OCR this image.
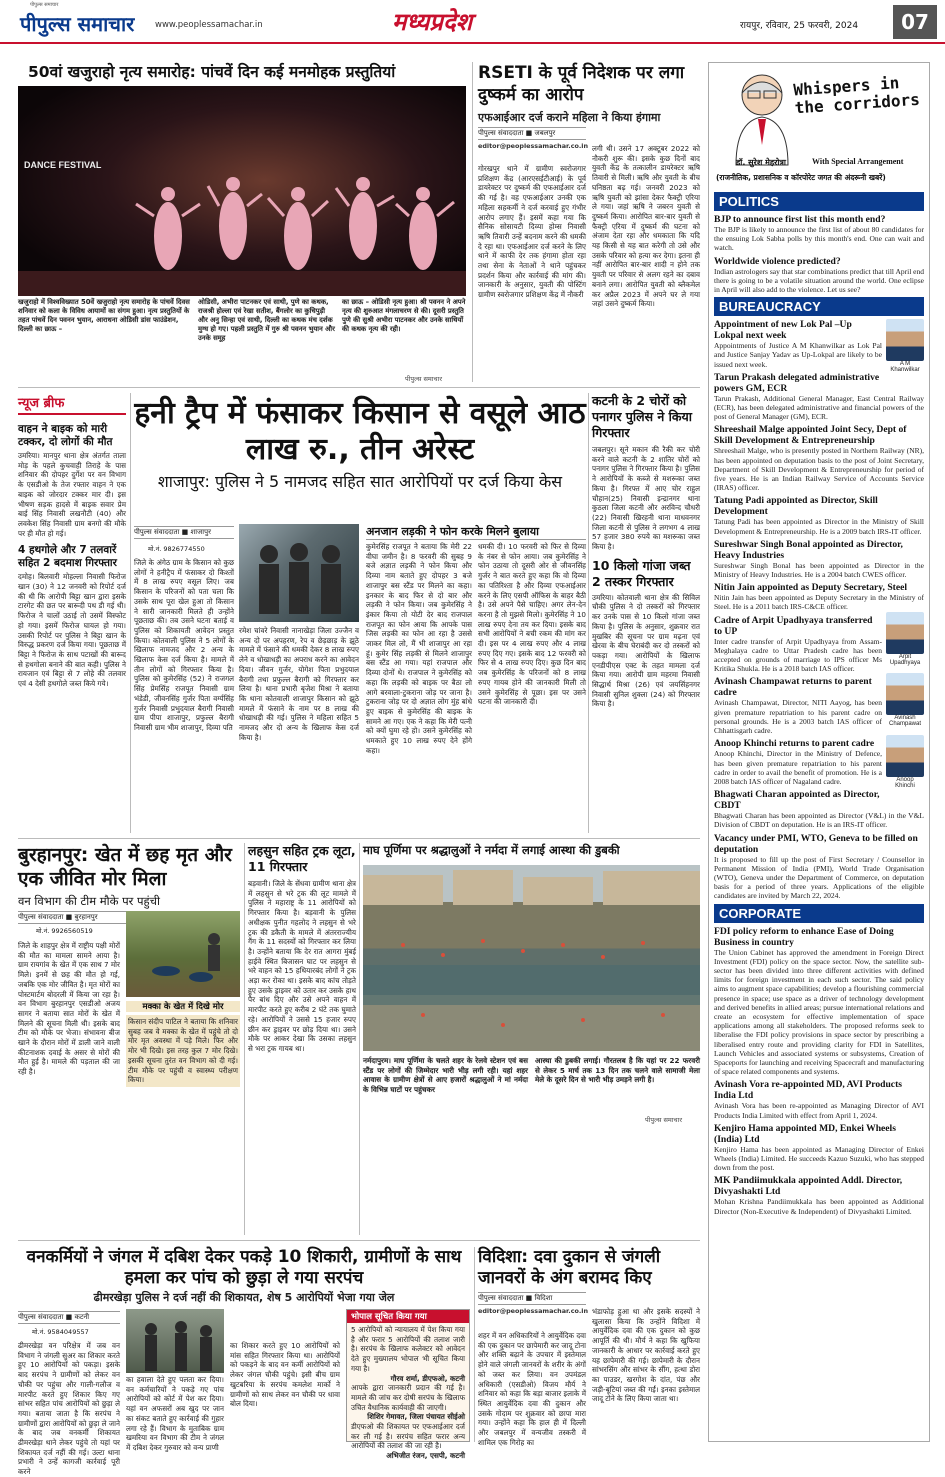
पीपुल्स समाचार
पीपुल्स समाचार www.peoplessamachar.in	मध्यप्रदेश	रायपुर, रविवार, 25 फरवरी, 2024	07
50वां खजुराहो नृत्य समारोह: पांचवें दिन कई मनमोहक प्रस्तुतियां
DANCE FESTIVAL
खजुराहो में विश्वविख्यात 50वें खजुराहो नृत्य समारोह के पांचवें दिवस शनिवार को कला के विविध आयामों का संगम हुआ। नृत्य प्रस्तुतियों के तहत पांचवें दिन पवनन भुयान, आराधना ओडिसी डांस फाउंडेशन, दिल्ली का छाऊ –
ओडिसी, अभीरा पाटनकर एवं साथी, पुणे का कथक, राजश्री होल्ला एवं रेखा सतीश, बैंगलोर का कुचिपुड़ी और अनु सिन्हा एवं साथी, दिल्ली का कथक मंच दर्शक मुग्ध हो गए। पहली प्रस्तुति में गुरु श्री पवनन भुयान और उनके समूह
का छाऊ – ओडिसी नृत्य हुआ। श्री पवनन ने अपने नृत्य की शुरुआत मंगलाचरण से की। दूसरी प्रस्तुति पुणे की सुश्री अभीरा पाटनकर और उनके साथियों की कथक नृत्य की रही।
पीपुल्स समाचार
RSETI के पूर्व निदेशक पर लगा दुष्कर्म का आरोप
एफआईआर दर्ज कराने महिला ने किया हंगामा
पीपुल्स संवाददाता ■ जबलपुर
editor@peoplessamachar.co.in
गोरखपुर थाने में ग्रामीण स्वरोजगार प्रशिक्षण केंद्र (आरएसईटीआई) के पूर्व डायरेक्टर पर दुष्कर्म की एफआईआर दर्ज की गई है। वह एफआईआर उनकी एक महिला सहकर्मी ने दर्ज करवाई हुए गंभीर आरोप लगाए हैं। इसमें कहा गया कि सैनिक सोसायटी दिव्या होम्स निवासी ऋषि तिवारी उन्हें बदनाम करने की धमकी दे रहा था। एफआईआर दर्ज करने के लिए थाने में काफी देर तक हंगामा होता रहा तथा सेना के नेताओं ने थाने पहुंचकर प्रदर्शन किया और कार्रवाई की मांग की। जानकारी के अनुसार, युवती की पोस्टिंग ग्रामीण स्वरोजगार प्रशिक्षण केंद्र में नौकरी
लगी थी। उसने 17 अक्टूबर 2022 को नौकरी शुरू की। इसके कुछ दिनों बाद युवती केंद्र के तत्कालीन डायरेक्टर ऋषि तिवारी से मिली। ऋषि और युवती के बीच घनिष्ठता बढ़ गई। जनवरी 2023 को ऋषि युवती को झांसा देकर फैक्ट्री एरिया ले गया। जहां ऋषि ने जबरन युवती से दुष्कर्म किया। आरोपित बार-बार युवती से फैक्ट्री एरिया में दुष्कर्म की घटना को अंजाम देता रहा और धमकाता कि यदि यह किसी से यह बात करेगी तो उसे और उसके परिवार को हत्या कर देगा। इतना ही नहीं आरोपित बार-बार शादी न होने तक युवती पर परिवार से अलग रहने का दबाव बनाने लगा। आरोपित युवती को ब्लैकमेल कर अप्रैल 2023 में अपने घर ले गया जहां उसने दुष्कर्म किया।
Whispers in the corridors
डॉ. सुरेश मेहरोत्रा	With Special Arrangement
(राजनीतिक, प्रशासनिक व कॉरपोरेट जगत की अंदरूनी खबरें)
POLITICS
BJP to announce first list this month end?

The BJP is likely to announce the first list of about 80 candidates for the ensuing Lok Sabha polls by this month's end. One can wait and watch.

Worldwide violence predicted?

Indian astrologers say that star combinations predict that till April end there is going to be a volatile situation around the world. One eclipse in April will also add to the violence. Let us see?

BUREAUCRACY
A M Khanwilkar
Appointment of new Lok Pal –Up Lokpal next week

Appointments of Justice A M Khanwilkar as Lok Pal and Justice Sanjay Yadav as Up-Lokpal are likely to be issued next week.

Tarun Prakash delegated administrative powers GM, ECR

Tarun Prakash, Additional General Manager, East Central Railway (ECR), has been delegated administrative and financial powers of the post of General Manager (GM), ECR.

Shreeshail Malge appointed Joint Secy, Dept of Skill Development & Entrepreneurship

Shreeshail Malge, who is presently posted in Northern Railway (NR), has been appointed on deputation basis to the post of Joint Secretary, Department of Skill Development & Entrepreneurship for period of five years. He is an Indian Railway Service of Accounts Service (IRAS) officer.

Tatung Padi appointed as Director, Skill Development

Tatung Padi has been appointed as Director in the Ministry of Skill Development & Entrepreneurship. He is a 2009 batch IRS-IT officer.

Sureshwar Singh Bonal appointed as Director, Heavy Industries

Sureshwar Singh Bonal has been appointed as Director in the Ministry of Heavy Industries. He is a 2004 batch CWES officer.

Nitin Jain appointed as Deputy Secretary, Steel

Nitin Jain has been appointed as Deputy Secretary in the Ministry of Steel. He is a 2011 batch IRS-C&CE officer.

Arpit Upadhyaya
Cadre of Arpit Upadhyaya transferred to UP

Inter cadre transfer of Arpit Upadhyaya from Assam-Meghalaya cadre to Uttar Pradesh cadre has been accepted on grounds of marriage to IPS officer Ms Kritika Shukla. He is a 2018 batch IAS officer.

Avinash Champawat
Avinash Champawat returns to parent cadre

Avinash Champawat, Director, NITI Aayog, has been given premature repatriation to his parent cadre on personal grounds. He is a 2003 batch IAS officer of Chhattisgarh cadre.

Anoop Khinchi
Anoop Khinchi returns to parent cadre

Anoop Khinchi, Director in the Ministry of Defence, has been given premature repatriation to his parent cadre in order to avail the benefit of promotion. He is a 2008 batch IAS officer of Nagaland cadre.

Bhagwati Charan appointed as Director, CBDT

Bhagwati Charan has been appointed as Director (V&L) in the V&L Division of CBDT on deputation. He is an IRS-IT officer.

Vacancy under PMI, WTO, Geneva to be filled on deputation

It is proposed to fill up the post of First Secretary / Counsellor in Permanent Mission of India (PMI), World Trade Organisation (WTO), Geneva under the Department of Commerce, on deputation basis for a period of three years. Applications of the eligible candidates are invited by March 22, 2024.

CORPORATE
FDI policy reform to enhance Ease of Doing Business in country

The Union Cabinet has approved the amendment in Foreign Direct Investment (FDI) policy on the space sector. Now, the satellite sub-sector has been divided into three different activities with defined limits for foreign investment in each such sector. The said policy aims to augment space capabilities; develop a flourishing commercial presence in space; use space as a driver of technology development and derived benefits in allied areas; pursue international relations and create an ecosystem for effective implementation of space applications among all stakeholders. The proposed reforms seek to liberalise the FDI policy provisions in space sector by prescribing a liberalised entry route and providing clarity for FDI in Satellites, Launch Vehicles and associated systems or subsystems, Creation of Spaceports for launching and receiving Spacecraft and manufacturing of space related components and systems.

Avinash Vora re-appointed MD, AVI Products India Ltd

Avinash Vora has been re-appointed as Managing Director of AVI Products India Limited with effect from April 1, 2024.

Kenjiro Hama appointed MD, Enkei Wheels (India) Ltd

Kenjiro Hama has been appointed as Managing Director of Enkei Wheels (India) Limited. He succeeds Kazuo Suzuki, who has stepped down from the post.

MK Pandiimukkala appointed Addl. Director, Divyashakti Ltd

Mohan Krishna Pandiimukkala has been appointed as Additional Director (Non-Executive & Independent) of Divyashakti Limited.

न्यूज ब्रीफ
वाहन ने बाइक को मारी टक्कर, दो लोगों की मौत
उमरिया। मानपुर थाना क्षेत्र अंतर्गत ताला मोड़ के पहले कुचवाही तिराहे के पास शनिवार की दोपहर दुर्गेश पर वन विभाग के एसडीओ के तेज रफ्तार वाहन ने एक बाइक को जोरदार टक्कर मार दी। इस भीषण सड़क हादसे में बाइक सवार प्रेम बाई सिंह निवासी लखनौटी (40) और लवकेश सिंह निवासी ग्राम बनगो की मौके पर ही मौत हो गई।
4 हथगोले और 7 तलवारें सहित 2 बदमाश गिरफ्तार
दमोह। बिलवारी मोहल्ला निवासी फिरोज खान (30) ने 12 जनवरी को रिपोर्ट दर्ज की थी कि आरोपी बिट्टा खान द्वारा इसके टारगेट की छत पर बारूदी पथ डी गई थी। फिरोज ने चालों उठाई तो उसमें विस्फोट हो गया। इसमें फिरोज घायल हो गया। उसकी रिपोर्ट पर पुलिस ने बिट्टा खान के विरुद्ध प्रकरण दर्ज किया गया। पूछताछ में बिट्टा ने फिरोज के साथ पटाखों की बारूद से हथगोला बनाने की बात कही। पुलिस ने रायजान एवं बिट्टा से 7 लोहे की तलवार एवं 4 देसी हथगोले जब्त किये गये।
हनी ट्रैप में फंसाकर किसान से वसूले आठ लाख रु., तीन अरेस्ट
शाजापुर: पुलिस ने 5 नामजद सहित सात आरोपियों पर दर्ज किया केस
पीपुल्स संवाददाता ■ शाजापुर
मो.नं. 9826774550
जिले के अंगेठ ग्राम के किसान को कुछ लोगों ने हनीट्रैप में फंसाकर दो किश्तों में 8 लाख रुपए वसूल लिए। जब किसान के परिजनों को पता चला कि उसके साथ पूरा खेल हुआ तो किसान ने सारी जानकारी मिलते ही उन्होंने पूछताछ की। तब उसने घटना बताई व पुलिस को शिकायती आवेदन प्रस्तुत किया। कोतवाली पुलिस ने 5 लोगों के खिलाफ नामजद और 2 अन्य के खिलाफ केस दर्ज किया है। मामले में तीन लोगों को गिरफ्तार किया है। पुलिस को कुमेरसिंह (52) ने राजगल सिंह प्रेमसिंह राजपूत निवासी ग्राम भंडेडी, जीवनसिंह गुर्जर पिता वर्ग्यसिंह गुर्जर निवासी प्रभुदयाल बैरागी निवासी ग्राम पीपा शाजापुर, प्रफुल्ल बैरागी निवासी ग्राम भीम शाजापुर, दिव्या पति
रमेश चांवरे निवासी नानाखेड़ा जिला उज्जैन व अन्य दो पर अपहरण, रेप व छेड़छाड़ के झूठे मामले में फंसाने की धमकी देकर 8 लाख रुपए लेने व धोखाधड़ी का अपराध करने का आवेदन दिया। जीवन गुर्जर, योगेश पिता प्रभुदयाल बैरागी तथा प्रफुल्ल बैरागी को गिरफ्तार कर लिया है। थाना प्रभारी बृजेश मिश्रा ने बताया कि थाना कोतवाली शाजापुर किसान को झूठे मामले में फंसाने के नाम पर 8 लाख की धोखाधड़ी की गई। पुलिस ने महिला सहित 5 नामजद और दो अन्य के खिलाफ केस दर्ज किया है।
अनजान लड़की ने फोन करके मिलने बुलाया
कुमेरसिंह राजपूत ने बताया कि मेरी 22 वीघा जमीन है। 8 फरवरी की सुबह 9 बजे अज्ञात लड़की ने फोन किया और दिव्या नाम बताते हुए दोपहर 3 बजे शाजापुर बस स्टैंड पर मिलने का कहा। इनकार के बाद फिर से दो बार और लड़की ने फोन किया। जब कुमेरसिंह ने इंकार किया तो योटी देर बाद राजपाल राजपूत का फोन आया कि आपके पास जिस लड़की का फोन आ रहा है उससे जाकर मिल लो, मैं भी शाजापुर आ रहा हूं। कुमेर सिंह लड़की से मिलने शाजापुर बस स्टैंड आ गया। यहां राजपाल और दिव्या दोनों थे। राजपाल ने कुमेरसिंह को कहा कि लड़की को बाइक पर बैठा लो आगे बरवाला-टुकराना जोड़ पर जाना है। टुकराना जोड़ पर दो अज्ञात लोग मुंह बांधे हुए बाइक से कुमेरसिंह की बाइक के सामने आ गए। एक ने कहा कि मेरी पत्नी को क्यों घुमा रहे हो। उसने कुमेरसिंह को धमकाते हुए 10 लाख रुपए देने होंगे कहा।
धमकी दी। 10 फरवरी को फिर से दिव्या के नंबर से फोन आया। जब कुमेरसिंह ने फोन उठाया तो दूसरी ओर से जीवनसिंह गुर्जर ने बात करते हुए कहा कि वो दिव्या का पतिरिश्ता है और दिव्या एफआईआर करने के लिए एसपी ऑफिस के बाहर बैठी है। उसे अपने पैसे चाहिए। अगर लेन-देन करना है तो मुझसे मिलो। कुमेरसिंह ने 10 लाख रुपए देना तय कर दिया। इसके बाद सभी आरोपियों ने बची रकम की मांग कर दी। इस पर 4 लाख रुपए और 4 लाख रुपए दिए गए। इसके बाद 12 फरवरी को फिर से 4 लाख रुपए दिए। कुछ दिन बाद जब कुमेरसिंह के परिजनों को 8 लाख रुपए गायब होने की जानकारी मिली तो उसने कुमेरसिंह से पूछा। इस पर उसने घटना की जानकारी दी।
कटनी के 2 चोरों को पनागर पुलिस ने किया गिरफ्तार
जबलपुर। सूने मकान की रैकी कर चोरी करने वाले कटनी के 2 शातिर चोरों को पनागर पुलिस ने गिरफ्तार किया है। पुलिस ने आरोपियों के कब्जे से मशरूका जब्त किया है। गिरफ्त में आए चोर राहुल चौहान(25) निवासी इन्द्रानगर थाना कुठला जिला कटनी और अरविन्द चौधरी (22) निवासी खिरहनी थाना माधवनगर जिला कटनी से पुलिस ने लगभग 4 लाख 57 हजार 380 रुपये का मशरूका जब्त किया है।
10 किलो गांजा जब्त 2 तस्कर गिरफ्तार
उमरिया। कोतवाली थाना क्षेत्र की सिविल चौकी पुलिस ने दो तस्करों को गिरफ्तार कर उनके पास से 10 किलो गांजा जब्त किया है। पुलिस के अनुसार, शुक्रवार रात मुखबिर की सूचना पर ग्राम मढ़ना एवं खेरवा के बीच घेराबंदी कर दो तस्करों को पकड़ा गया। आरोपियों के खिलाफ एनडीपीएस एक्ट के तहत मामला दर्ज किया गया। आरोपी ग्राम महरमा निवासी सिद्धार्थ मिश्रा (26) एवं जयसिंहनगर निवासी सुनिल शुक्ला (24) को गिरफ्तार किया है।
बुरहानपुर: खेत में छह मृत और एक जीवित मोर मिला
वन विभाग की टीम मौके पर पहुंची
पीपुल्स संवाददाता ■ बुरहानपुर
मो.नं. 9926560519
जिले के शाहपुर क्षेत्र में राष्ट्रीय पक्षी मोरों की मौत का मामला सामने आया है। ग्राम रायगांव के खेत में एक साथ 7 मोर मिले। इनमें से छह की मौत हो गई, जबकि एक मोर जीवित है। मृत मोरों का पोस्टमार्टम बोदरली में किया जा रहा है। वन विभाग बुरहानपुर एसडीओ अजय सागर ने बताया सात मोरों के खेत में मिलने की सूचना मिली थी। इसके बाद टीम को मौके पर भेजा। संभावना बीज खाने के दौरान मोरों में डाली जाने वाली कीटनाशक दवाई के असर से मोरों की मौत हुई है। मामले की पड़ताल की जा रही है।
मक्का के खेत में दिखे मोर
किसान संदीप पाटिल ने बताया कि शनिवार सुबह जब वे मक्का के खेत में पहुंचे तो दो मोर मृत अवस्था में पड़े मिले। फिर और मोर भी दिखे। इस तरह कुल 7 मोर दिखे। इसकी सूचना तुरंत वन विभाग को दी गई। टीम मौके पर पहुंची व स्वास्थ्य परीक्षण किया।
लहसुन सहित ट्रक लूटा, 11 गिरफ्तार
बड़वानी। जिले के सेंधवा ग्रामीण थाना क्षेत्र में लहसुन से भरे ट्रक की लूट मामले में पुलिस ने महाराष्ट्र के 11 आरोपियों को गिरफ्तार किया है। बड़वानी के पुलिस अधीक्षक पुनीत गहलोद ने लहसुन से भरे ट्रक की डकैती के मामले में अंतरराज्यीय गैंग के 11 सदस्यों को गिरफ्तार कर लिया है। उन्होंने बताया कि देर रात आगरा मुंबई हाईवे स्थित बिजासन घाट पर लहसुन से भरे वाहन को 15 हथियारबंद लोगों ने ट्रक अड़ा कर रोका था। इसके बाद कांच तोड़ते हुए उसके ड्राइवर को उतार कर उसके हाथ पैर बांध दिए और उसे अपने वाहन में मारपीट करते हुए करीब 2 घंटे तक घुमाते रहे। आरोपियों ने उससे 15 हजार रुपए छीन कर ड्राइवर पर छोड़ दिया था। उसने मौके पर आकर देखा कि उसका लहसुन से भरा ट्रक गायब था।
माघ पूर्णिमा पर श्रद्धालुओं ने नर्मदा में लगाई आस्था की डुबकी
नर्मदापुरम। माघ पूर्णिमा के चलते शहर के रेलवे स्टेशन एवं बस स्टैंड पर लोगों की जिम्मेदार भारी भीड़ लगी रही। यहां शहर आवास के ग्रामीण क्षेत्रों से आए हजारों श्रद्धालुओं ने मां नर्मदा के विभिन्न घाटों पर पहुंचकर
आस्था की डुबकी लगाई। गौरतलब है कि यहां पर 22 फरवरी से लेकर 5 मार्च तक 13 दिन तक चलने वाले सामाजी मेला मेले के दूसरे दिन से भारी भीड़ उमड़ने लगी है।
पीपुल्स समाचार
वनकर्मियों ने जंगल में दबिश देकर पकड़े 10 शिकारी, ग्रामीणों के साथ हमला कर पांच को छुड़ा ले गया सरपंच
ढीमरखेड़ा पुलिस ने दर्ज नहीं की शिकायत, शेष 5 आरोपियों भेजा गया जेल
पीपुल्स संवाददाता ■ कटनी
मो.नं. 9584049557
ढीमरखेड़ा वन परिक्षेत्र में जब वन विभाग ने जंगली सुअर का शिकार करते हुए 10 आरोपियों को पकड़ा। इसके बाद सरपंच ने ग्रामीणों को लेकर वन चौकी पर पहुंचा और गाली-गलौज व मारपीट करते हुए शिकार किए गए सांभर सहित पांच आरोपियों को छुड़ा ले गया। बताया जाता है कि सरपंच ने ग्रामीणों द्वारा आरोपियों को छुड़ा ले जाने के बाद जब वनकर्मी शिकायत ढीमरखेड़ा थाने लेकर पहुंचे तो यहां पर शिकायत दर्ज नहीं की गई। उल्टा थाना प्रभारी ने उन्हें कागजी कार्रवाई पूरी करने
का हवाला देते हुए पलता कर दिया। वन कर्मचारियों ने पकड़े गए पांच आरोपियों को कोर्ट में पेश कर दिया। यहां वन अफसरों अब खुद पर जान का संकट बताते हुए कार्रवाई की गुहार लगा रहे हैं। विभाग के मुताबिक ग्राम खमरिया वन विभाग की टीम ने जंगल में दबिश देकर गुरुवार को वन्य प्राणी
का शिकार करते हुए 10 आरोपियों को मांस सहित गिरफ्तार किया था। आरोपियों को पकड़ने के बाद वन कर्मी आरोपियों को लेकर जंगल चौकी पहुंचे। इसी बीच ग्राम खुटबरिया के सरपंच कमलेश मार्को ने ग्रामीणों को साथ लेकर वन चौकी पर धावा बोल दिया।
भोपाल सूचित किया गया
5 आरोपियों को न्यायालय में पेश किया गया है और फरार 5 आरोपियों की तलाश जारी है। सरपंच के खिलाफ कलेक्टर को आवेदन देते हुए मुख्यालय भोपाल भी सूचित किया गया है।
गौरव शर्मा, डीएफओ, कटनी
आपके द्वारा जानकारी प्रदान की गई है। मामले की जांच कर दोषी सरपंच के खिलाफ उचित वैधानिक कार्यवाही की जाएगी।
शिशिर गेमावत, जिला पंचायत सीईओ
डीएफओ की शिकायत पर एफआईआर दर्ज कर ली गई है। सरपंच सहित फरार अन्य आरोपियों की तलाश की जा रही है।
अभिजीत रंजन, एसपी, कटनी
विदिशा: दवा दुकान से जंगली जानवरों के अंग बरामद किए
पीपुल्स संवाददाता ■ विदिशा
editor@peoplessamachar.co.in
शहर में वन अधिकारियों ने आयुर्वेदिक दवा की एक दुकान पर छापेमारी कर जादू टोना और शक्ति बढ़ाने के उपचार में इस्तेमाल होने वाले जंगली जानवरों के शरीर के अंगों को जब्त कर लिया। वन उपमंडल अधिकारी (एसडीओ) विजय मौर्य ने शनिवार को कहा कि बड़ा बाजार इलाके में स्थित आयुर्वेदिक दवा की दुकान और उसके गोदाम पर शुक्रवार को छापा मारा गया। उन्होंने कहा कि हाल ही में दिल्ली और जबलपुर में वन्यजीव तस्करी में शामिल एक गिरोह का
भंडाफोड़ हुआ था और इसके सदस्यों ने खुलासा किया कि उन्होंने विदिशा में आयुर्वेदिक दवा की एक दुकान को कुछ आपूर्ति की थी। मौर्य ने कहा कि खुफिया जानकारी के आधार पर कार्रवाई करते हुए यह छापेमारी की गई। छापेमारी के दौरान सांभरसिंग और सांभर के सींग, हत्था डोरा का पाउडर, खरगोश के दांत, पंछ और जड़ी-बूटियां जब्त की गईं। इनका इस्तेमाल जादू टोने के लिए किया जाता था।
